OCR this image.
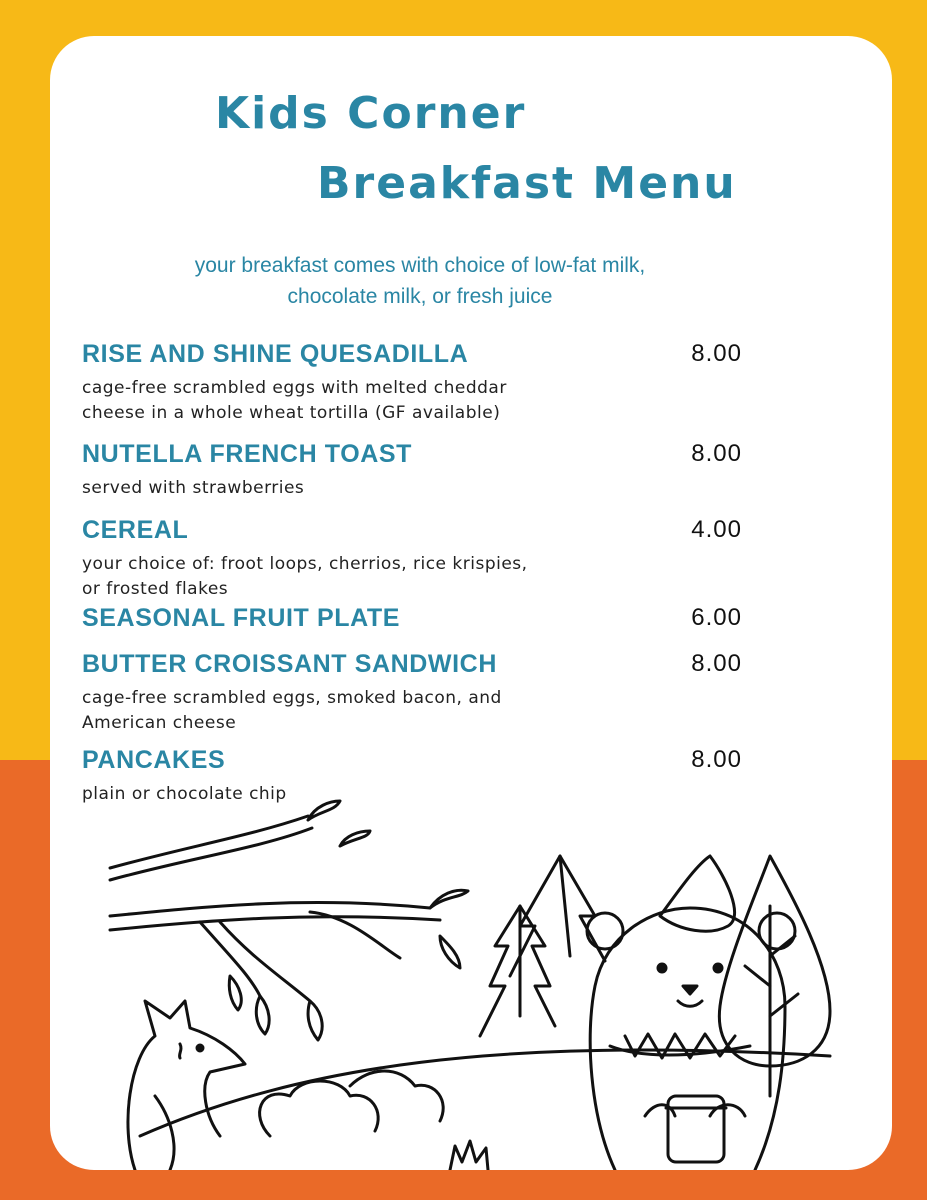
Kids Corner
Breakfast Menu
your breakfast comes with choice of low-fat milk,
chocolate milk, or fresh juice
RISE AND SHINE QUESADILLA	8.00
cage-free scrambled eggs with melted cheddar
cheese in a whole wheat tortilla (GF available)
NUTELLA FRENCH TOAST	8.00
served with strawberries
CEREAL	4.00
your choice of: froot loops, cherrios, rice krispies,
or frosted flakes
SEASONAL FRUIT PLATE	6.00
BUTTER CROISSANT SANDWICH	8.00
cage-free scrambled eggs, smoked bacon, and
American cheese
PANCAKES	8.00
plain or chocolate chip
